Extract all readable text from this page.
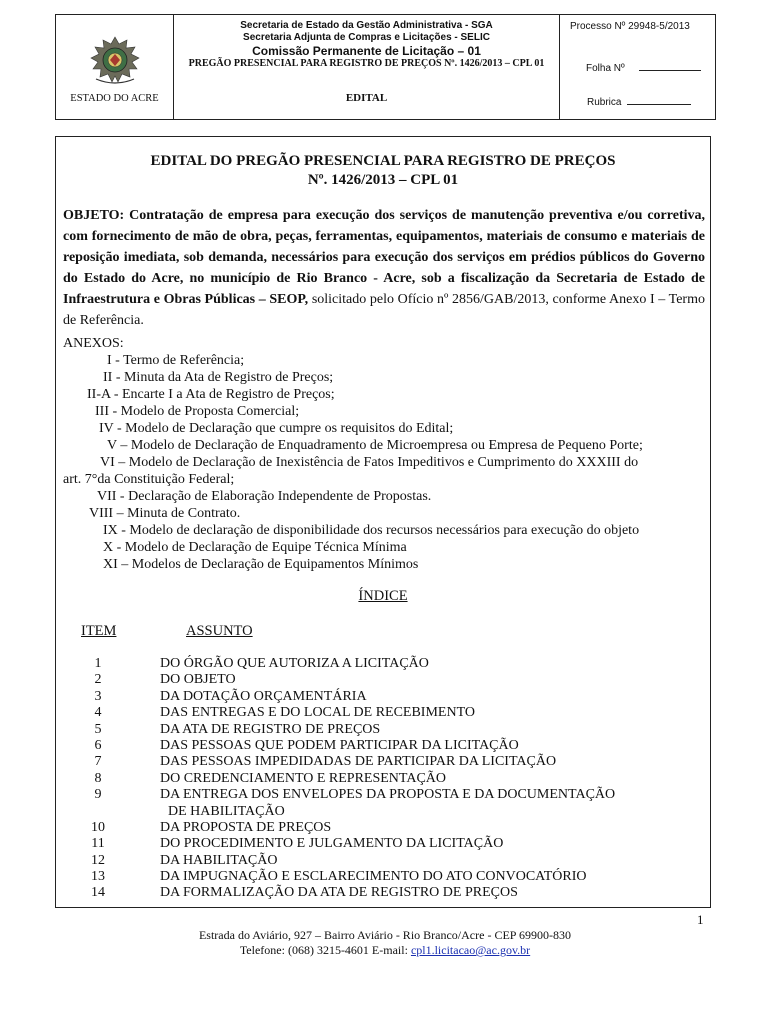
ESTADO DO ACRE
Secretaria de Estado da Gestão Administrativa - SGA
Secretaria Adjunta de Compras e Licitações - SELIC
Comissão Permanente de Licitação – 01
PREGÃO PRESENCIAL PARA REGISTRO DE PREÇOS Nº. 1426/2013 – CPL 01
EDITAL
Processo Nº 29948-5/2013
Folha Nº
Rubrica
EDITAL DO PREGÃO PRESENCIAL PARA REGISTRO DE PREÇOS
Nº. 1426/2013 – CPL 01
OBJETO: Contratação de empresa para execução dos serviços de manutenção preventiva e/ou corretiva, com fornecimento de mão de obra, peças, ferramentas, equipamentos, materiais de consumo e materiais de reposição imediata, sob demanda, necessários para execução dos serviços em prédios públicos do Governo do Estado do Acre, no município de Rio Branco - Acre, sob a fiscalização da Secretaria de Estado de Infraestrutura e Obras Públicas – SEOP, solicitado pelo Ofício nº 2856/GAB/2013, conforme Anexo I – Termo de Referência.
ANEXOS:
I - Termo de Referência;
II - Minuta da Ata de Registro de Preços;
II-A - Encarte I a Ata de Registro de Preços;
III - Modelo de Proposta Comercial;
IV - Modelo de Declaração que cumpre os requisitos do Edital;
V – Modelo de Declaração de Enquadramento de Microempresa ou Empresa de Pequeno Porte;
VI – Modelo de Declaração de Inexistência de Fatos Impeditivos e Cumprimento do XXXIII do
art. 7°da Constituição Federal;
VII - Declaração de Elaboração Independente de Propostas.
VIII – Minuta de Contrato.
IX - Modelo de declaração de disponibilidade dos recursos necessários para execução do objeto
X - Modelo de Declaração de Equipe Técnica Mínima
XI – Modelos de Declaração de Equipamentos Mínimos
ÍNDICE
ITEM	ASSUNTO
1	DO ÓRGÃO QUE AUTORIZA A LICITAÇÃO
2	DO OBJETO
3	DA DOTAÇÃO ORÇAMENTÁRIA
4	DAS ENTREGAS E DO LOCAL DE RECEBIMENTO
5	DA ATA DE REGISTRO DE PREÇOS
6	DAS PESSOAS QUE PODEM PARTICIPAR DA LICITAÇÃO
7	DAS PESSOAS IMPEDIDADAS DE PARTICIPAR DA LICITAÇÃO
8	DO CREDENCIAMENTO E REPRESENTAÇÃO
9	DA ENTREGA DOS ENVELOPES DA PROPOSTA E DA DOCUMENTAÇÃO
DE HABILITAÇÃO
10	DA PROPOSTA DE PREÇOS
11	DO PROCEDIMENTO E JULGAMENTO DA LICITAÇÃO
12	DA HABILITAÇÃO
13	DA IMPUGNAÇÃO E ESCLARECIMENTO DO ATO CONVOCATÓRIO
14	DA FORMALIZAÇÃO DA ATA DE REGISTRO DE PREÇOS
1
Estrada do Aviário, 927 – Bairro Aviário - Rio Branco/Acre - CEP 69900-830
Telefone: (068) 3215-4601 E-mail: cpl1.licitacao@ac.gov.br
